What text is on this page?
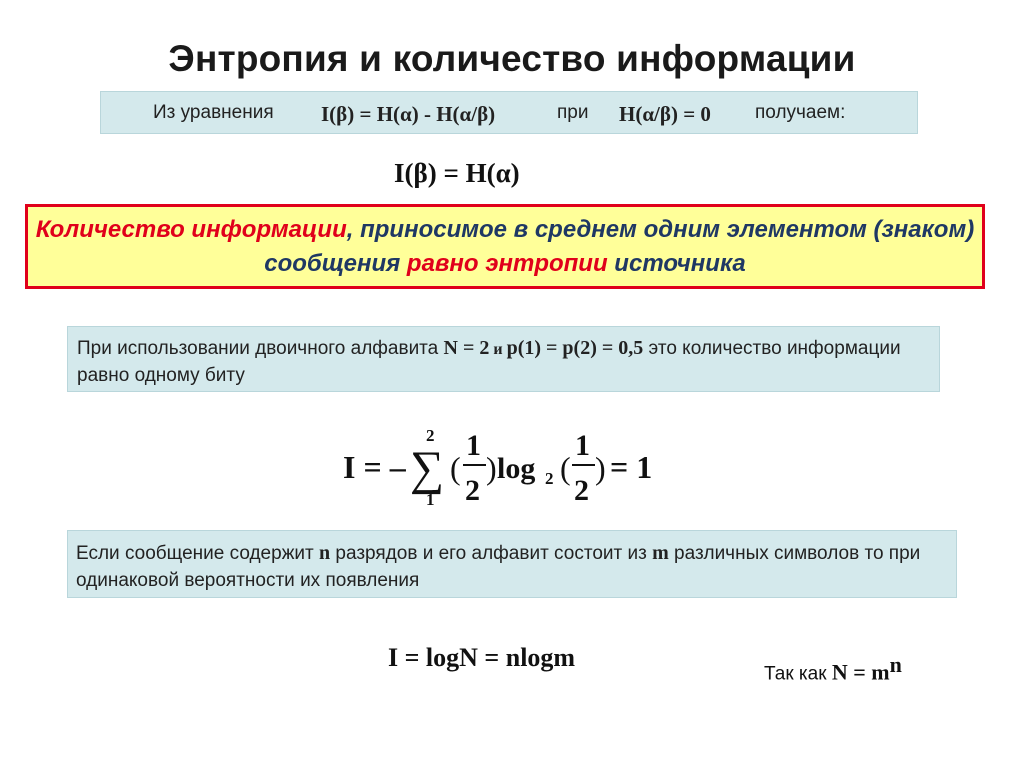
Энтропия и количество информации
Из уравнения I(β) = H(α) - H(α/β)	при H(α/β) = 0 получаем:
I(β) = H(α)
Количество информации, приносимое в среднем одним элементом (знаком) сообщения равно энтропии источника
При использовании двоичного алфавита N = 2 и p(1) = p(2) = 0,5 это количество информации равно одному биту
I = – ∑
2
1
(
1
2
) log 2 (
1
2
) = 1
Если сообщение содержит n разрядов и его алфавит состоит из m различных символов то при одинаковой вероятности их появления
I = logN = nlogm
Так как $N = m^n$
